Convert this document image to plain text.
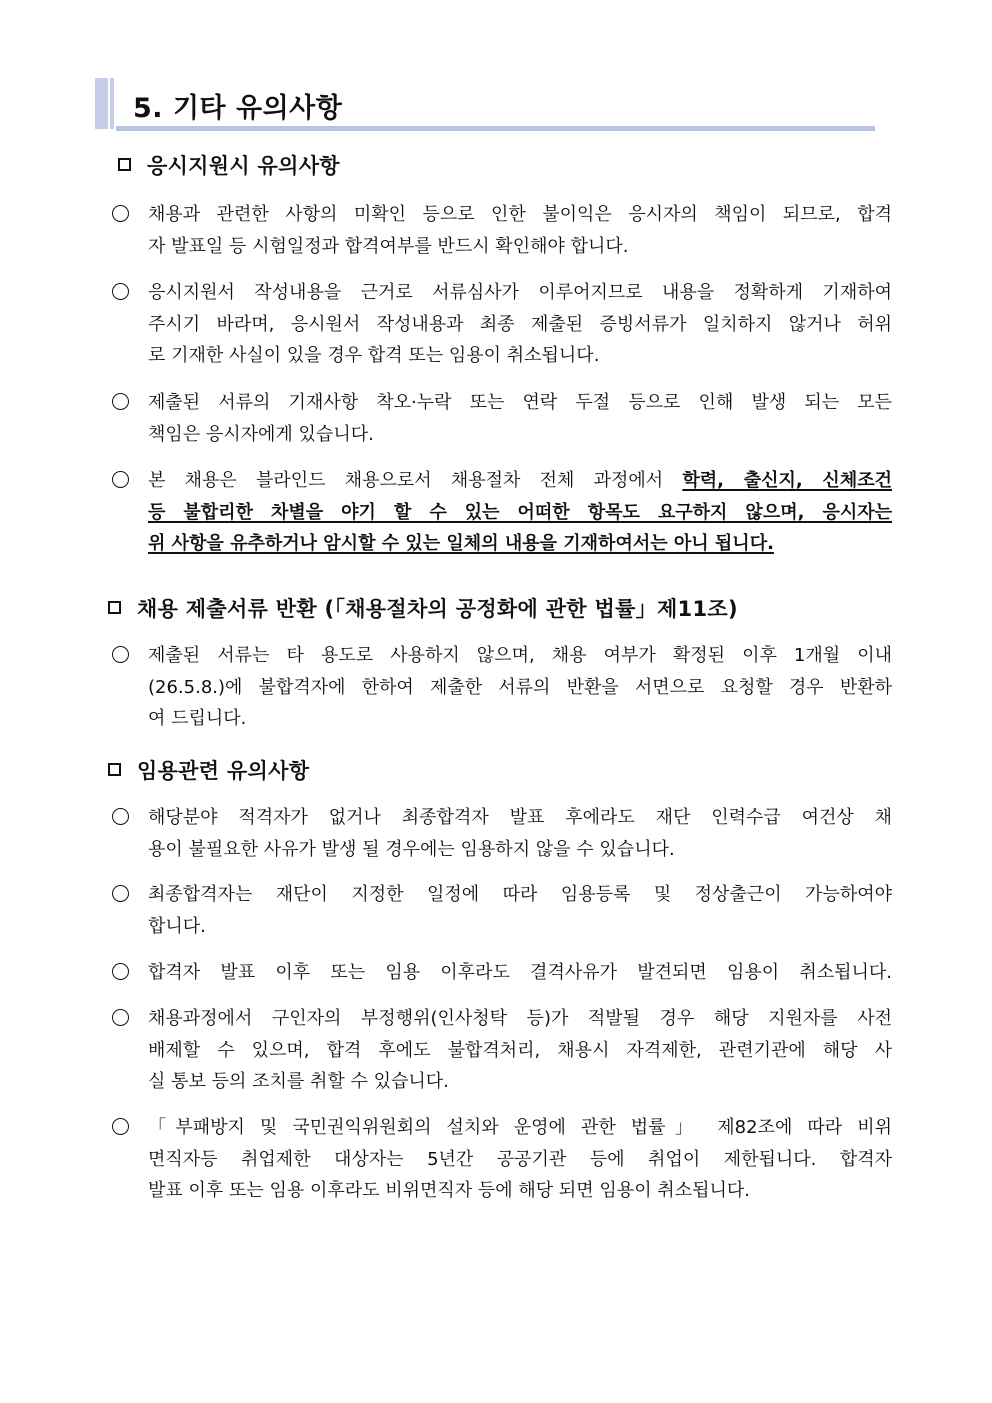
5. 기타 유의사항
응시지원시 유의사항
채용과 관련한 사항의 미확인 등으로 인한 불이익은 응시자의 책임이 되므로, 합격
자 발표일 등 시험일정과 합격여부를 반드시 확인해야 합니다.
응시지원서 작성내용을 근거로 서류심사가 이루어지므로 내용을 정확하게 기재하여
주시기 바라며, 응시원서 작성내용과 최종 제출된 증빙서류가 일치하지 않거나 허위
로 기재한 사실이 있을 경우 합격 또는 임용이 취소됩니다.
제출된 서류의 기재사항 착오·누락 또는 연락 두절 등으로 인해 발생 되는 모든
책임은 응시자에게 있습니다.
본 채용은 블라인드 채용으로서 채용절차 전체 과정에서 학력, 출신지, 신체조건
등 불합리한 차별을 야기 할 수 있는 어떠한 항목도 요구하지 않으며, 응시자는
위 사항을 유추하거나 암시할 수 있는 일체의 내용을 기재하여서는 아니 됩니다.
채용 제출서류 반환 (「채용절차의 공정화에 관한 법률」제11조)
제출된 서류는 타 용도로 사용하지 않으며, 채용 여부가 확정된 이후 1개월 이내
(26.5.8.)에 불합격자에 한하여 제출한 서류의 반환을 서면으로 요청할 경우 반환하
여 드립니다.
임용관련 유의사항
해당분야 적격자가 없거나 최종합격자 발표 후에라도 재단 인력수급 여건상 채
용이 불필요한 사유가 발생 될 경우에는 임용하지 않을 수 있습니다.
최종합격자는 재단이 지정한 일정에 따라 임용등록 및 정상출근이 가능하여야
합니다.
합격자 발표 이후 또는 임용 이후라도 결격사유가 발견되면 임용이 취소됩니다.
채용과정에서 구인자의 부정행위(인사청탁 등)가 적발될 경우 해당 지원자를 사전
배제할 수 있으며, 합격 후에도 불합격처리, 채용시 자격제한, 관련기관에 해당 사
실 통보 등의 조치를 취할 수 있습니다.
「부패방지 및 국민권익위원회의 설치와 운영에 관한 법률」 제82조에 따라 비위
면직자등 취업제한 대상자는 5년간 공공기관 등에 취업이 제한됩니다. 합격자
발표 이후 또는 임용 이후라도 비위면직자 등에 해당 되면 임용이 취소됩니다.
